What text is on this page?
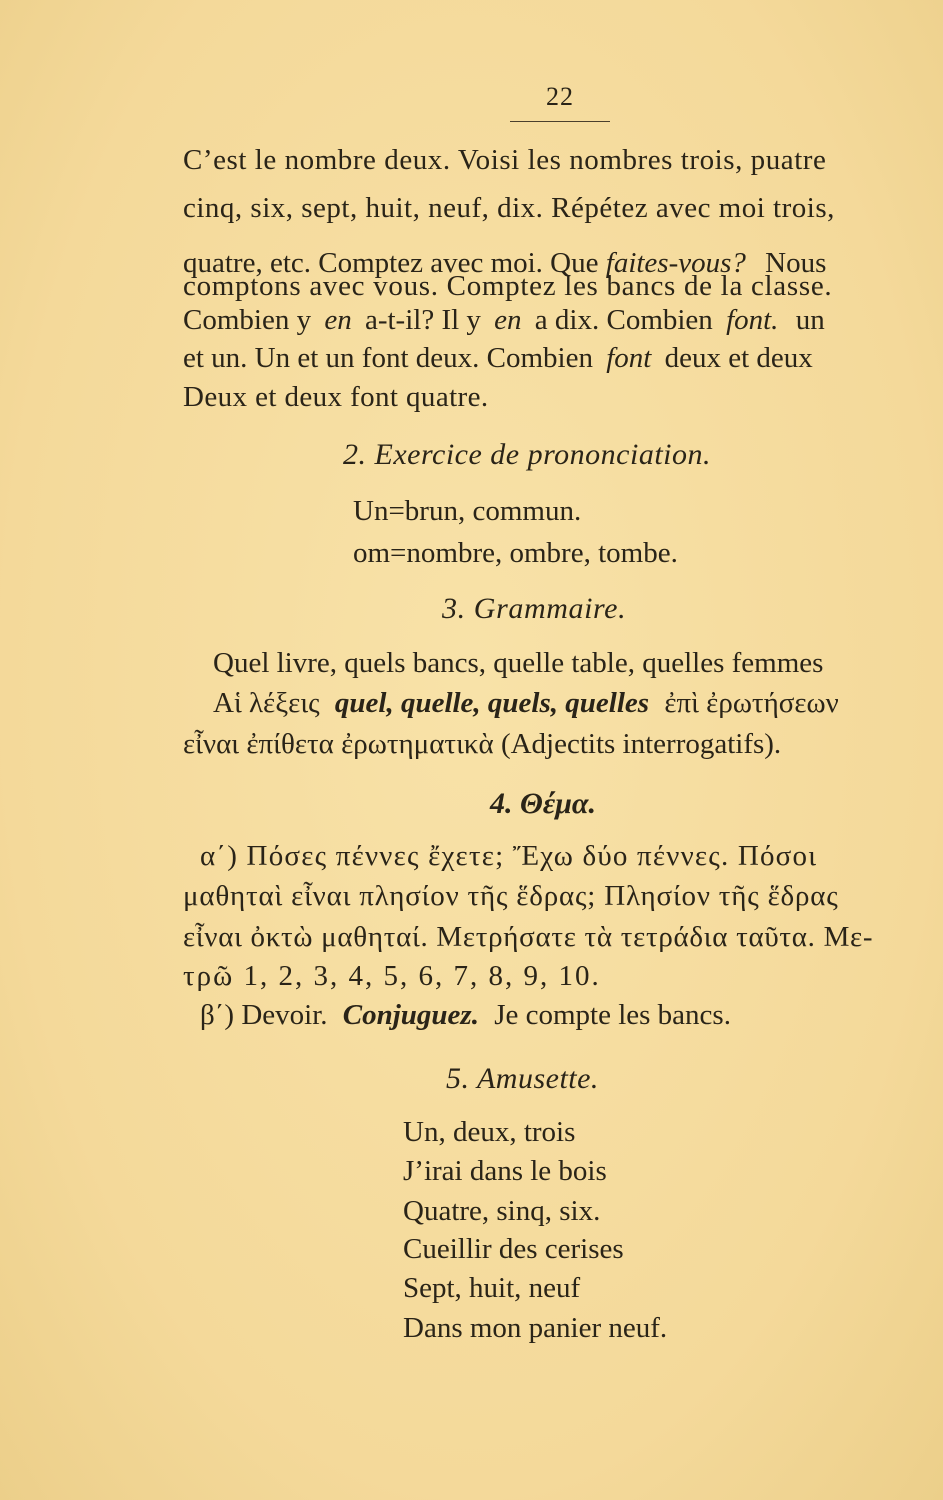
22
C’est le nombre deux. Voisi les nombres trois, puatre
cinq, six, sept, huit, neuf, dix. Répétez avec moi trois,
quatre, etc. Comptez avec moi. Que faites-vous? Nous
comptons avec vous. Comptez les bancs de la classe.
Combien y en a-t-il? Il y en a dix. Combien font. un
et un. Un et un font deux. Combien font deux et deux
Deux et deux font quatre.
2. Exercice de prononciation.
Un=brun, commun.
om=nombre, ombre, tombe.
3. Grammaire.
Quel livre, quels bancs, quelle table, quelles femmes
Αἱ λέξεις quel, quelle, quels, quelles ἐπὶ ἐρωτήσεων
εἶναι ἐπίθετα ἐρωτηματικὰ (Adjectits interrogatifs).
4. Θέμα.
α΄) Πόσες πέννες ἔχετε; Ἔχω δύο πέννες. Πόσοι
μαθηταὶ εἶναι πλησίον τῆς ἕδρας; Πλησίον τῆς ἕδρας
εἶναι ὀκτὼ μαθηταί. Μετρήσατε τὰ τετράδια ταῦτα. Με-
τρῶ 1, 2, 3, 4, 5, 6, 7, 8, 9, 10.
β΄) Devoir. Conjuguez. Je compte les bancs.
5. Amusette.
Un, deux, trois
J’irai dans le bois
Quatre, sinq, six.
Cueillir des cerises
Sept, huit, neuf
Dans mon panier neuf.
